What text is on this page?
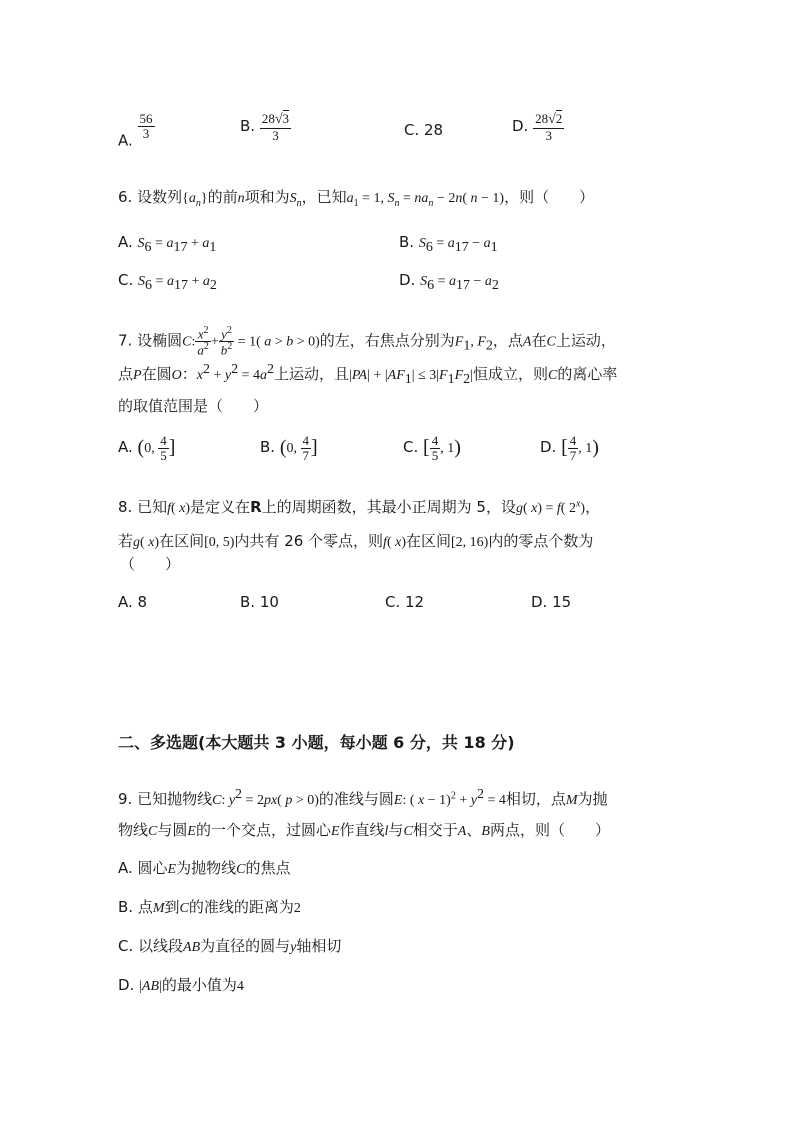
A.
$\frac{56}{3}$	B. $\frac{28√3}{3}$	C. 28	D. $\frac{28√2}{3}$
6. 设数列$\{a_n\}$的前n项和为$S_n$，已知$a_1 = 1$, $S_n = na_n - 2n$( n − 1)，则（　　）
A. $S_6 = a_{17} + a_1$	B. $S_6 = a_{17} - a_1$
C. $S_6 = a_{17} + a_2$	D. $S_6 = a_{17} - a_2$
7. 设椭圆C: $\frac{x^2}{a^2} + \frac{y^2}{b^2} = 1$( a > b > 0)的左，右焦点分别为$F_1$, $F_2$，点A在C上运动，
点P在圆O：$x^2 + y^2 = 4a^2$上运动，且$|PA| + |AF_1| \le 3|F_1F_2|$恒成立，则C的离心率
的取值范围是（　　）
A. (0, $\frac{4}{5}$ ]	B. (0, $\frac{4}{7}$ ]	C. [ $\frac{4}{5}$ , 1)	D. [ $\frac{4}{7}$ , 1)
8. 已知f( x)是定义在R上的周期函数，其最小正周期为 5，设g( x) = f( 2$^x$)，
若g( x)在区间[0, 5)内共有 26 个零点，则f( x)在区间[2, 16)内的零点个数为
（　　）
A. 8	B. 10	C. 12	D. 15
二、多选题(本大题共 3 小题，每小题 6 分，共 18 分)
9. 已知抛物线C: $y^2 = 2px$( p > 0)的准线与圆E: ( $x - 1)^2 + y^2 = 4$相切，点M为抛
物线C与圆E的一个交点，过圆心E作直线l与C相交于A、B两点，则（　　）
A. 圆心E为抛物线C的焦点
B. 点M到C的准线的距离为2
C. 以线段AB为直径的圆与y轴相切
D. |AB|的最小值为4
